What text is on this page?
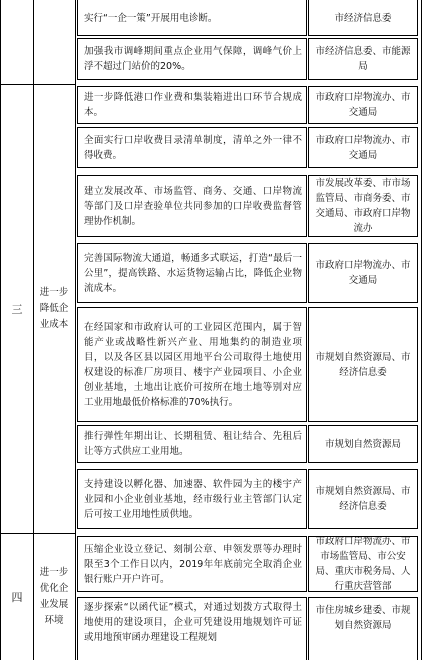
三
进一步降低企业成本
四
进一步优化企业发展环境
实行“一企一策”开展用电诊断。
加强我市调峰期间重点企业用气保障，调峰气价上浮不超过门站价的20%。
进一步降低港口作业费和集装箱进出口环节合规成本。
全面实行口岸收费目录清单制度，清单之外一律不得收费。
建立发展改革、市场监管、商务、交通、口岸物流等部门及口岸查验单位共同参加的口岸收费监督管理协作机制。
完善国际物流大通道，畅通多式联运，打造“最后一公里”，提高铁路、水运货物运输占比，降低企业物流成本。
在经国家和市政府认可的工业园区范围内，属于智能产业或战略性新兴产业、用地集约的制造业项目，以及各区县以园区用地平台公司取得土地使用权建设的标准厂房项目、楼宇产业园项目、小企业创业基地，土地出让底价可按所在地土地等别对应工业用地最低价格标准的70%执行。
推行弹性年期出让、长期租赁、租让结合、先租后让等方式供应工业用地。
支持建设以孵化器、加速器、软件园为主的楼宇产业园和小企业创业基地，经市级行业主管部门认定后可按工业用地性质供地。
压缩企业设立登记、刻制公章、申领发票等办理时限至3个工作日以内，2019年年底前完全取消企业银行账户开户许可。
逐步探索“以函代证”模式，对通过划拨方式取得土地使用的建设项目，企业可凭建设用地规划许可证或用地预审函办理建设工程规划
市经济信息委
市经济信息委、市能源局
市政府口岸物流办、市交通局
市政府口岸物流办、市交通局
市发展改革委、市市场监管局、市商务委、市交通局、市政府口岸物流办
市政府口岸物流办、市交通局
市规划自然资源局、市经济信息委
市规划自然资源局
市规划自然资源局、市经济信息委
市政府口岸物流办、市市场监管局、市公安局、重庆市税务局、人行重庆营管部
市住房城乡建委、市规划自然资源局
